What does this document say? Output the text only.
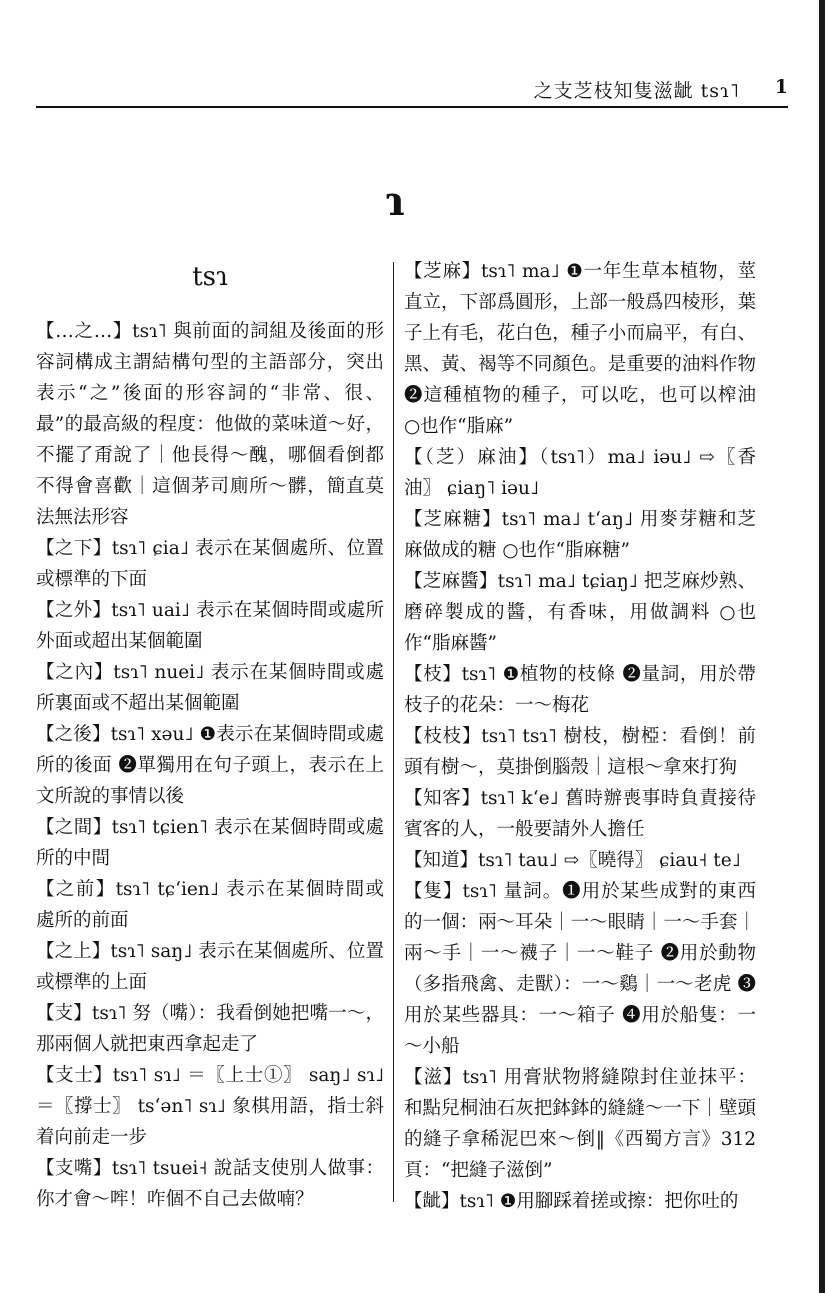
之支芝枝知隻滋龇 tsɿ˥ 1
ɿ
tsɿ
【…之…】tsɿ˥ 與前面的詞組及後面的形容詞構成主謂結構句型的主語部分，突出表示“之”後面的形容詞的“非常、很、最”的最高級的程度：他做的菜味道～好，不擺了甭說了｜他長得～醜，哪個看倒都不得會喜歡｜這個茅司廁所～髒，簡直莫法無法形容
【之下】tsɿ˥ ɕia˩ 表示在某個處所、位置或標準的下面
【之外】tsɿ˥ uai˩ 表示在某個時間或處所外面或超出某個範圍
【之內】tsɿ˥ nuei˩ 表示在某個時間或處所裏面或不超出某個範圍
【之後】tsɿ˥ xəu˩ ❶表示在某個時間或處所的後面 ❷單獨用在句子頭上，表示在上文所說的事情以後
【之間】tsɿ˥ tɕien˥ 表示在某個時間或處所的中間
【之前】tsɿ˥ tɕʻien˩ 表示在某個時間或處所的前面
【之上】tsɿ˥ saŋ˩ 表示在某個處所、位置或標準的上面
【支】tsɿ˥ 努（嘴）：我看倒她把嘴一～，那兩個人就把東西拿起走了
【支士】tsɿ˥ sɿ˩ ＝〖上士①〗 saŋ˩ sɿ˩ ＝〖撐士〗 tsʻən˥ sɿ˩ 象棋用語，指士斜着向前走一步
【支嘴】tsɿ˥ tsuei˧ 說話支使別人做事：你才會～哰！咋個不自己去做喃？
【芝麻】tsɿ˥ ma˩ ❶一年生草本植物，莖直立，下部爲圓形，上部一般爲四棱形，葉子上有毛，花白色，種子小而扁平，有白、黑、黃、褐等不同顏色。是重要的油料作物 ❷這種植物的種子，可以吃，也可以榨油 ○也作“脂麻”
【（芝）麻油】（tsɿ˥）ma˩ iəu˩ ⇨〖香油〗 ɕiaŋ˥ iəu˩
【芝麻糖】tsɿ˥ ma˩ tʻaŋ˩ 用麥芽糖和芝麻做成的糖 ○也作“脂麻糖”
【芝麻醬】tsɿ˥ ma˩ tɕiaŋ˩ 把芝麻炒熟、磨碎製成的醬，有香味，用做調料 ○也作“脂麻醬”
【枝】tsɿ˥ ❶植物的枝條 ❷量詞，用於帶枝子的花朵：一～梅花
【枝枝】tsɿ˥ tsɿ˥ 樹枝，樹椏：看倒！前頭有樹～，莫掛倒腦殼｜這根～拿來打狗
【知客】tsɿ˥ kʻe˩ 舊時辦喪事時負責接待賓客的人，一般要請外人擔任
【知道】tsɿ˥ tau˩ ⇨〖曉得〗 ɕiau˧ te˩
【隻】tsɿ˥ 量詞。❶用於某些成對的東西的一個：兩～耳朵｜一～眼睛｜一～手套｜兩～手｜一～襪子｜一～鞋子 ❷用於動物（多指飛禽、走獸）：一～鷄｜一～老虎 ❸用於某些器具：一～箱子 ❹用於船隻：一～小船
【滋】tsɿ˥ 用膏狀物將縫隙封住並抹平：和點兒桐油石灰把鉢鉢的縫縫～一下｜壁頭的縫子拿稀泥巴來～倒‖《西蜀方言》312 頁：“把縫子滋倒”
【龇】tsɿ˥ ❶用腳踩着搓或擦：把你吐的
